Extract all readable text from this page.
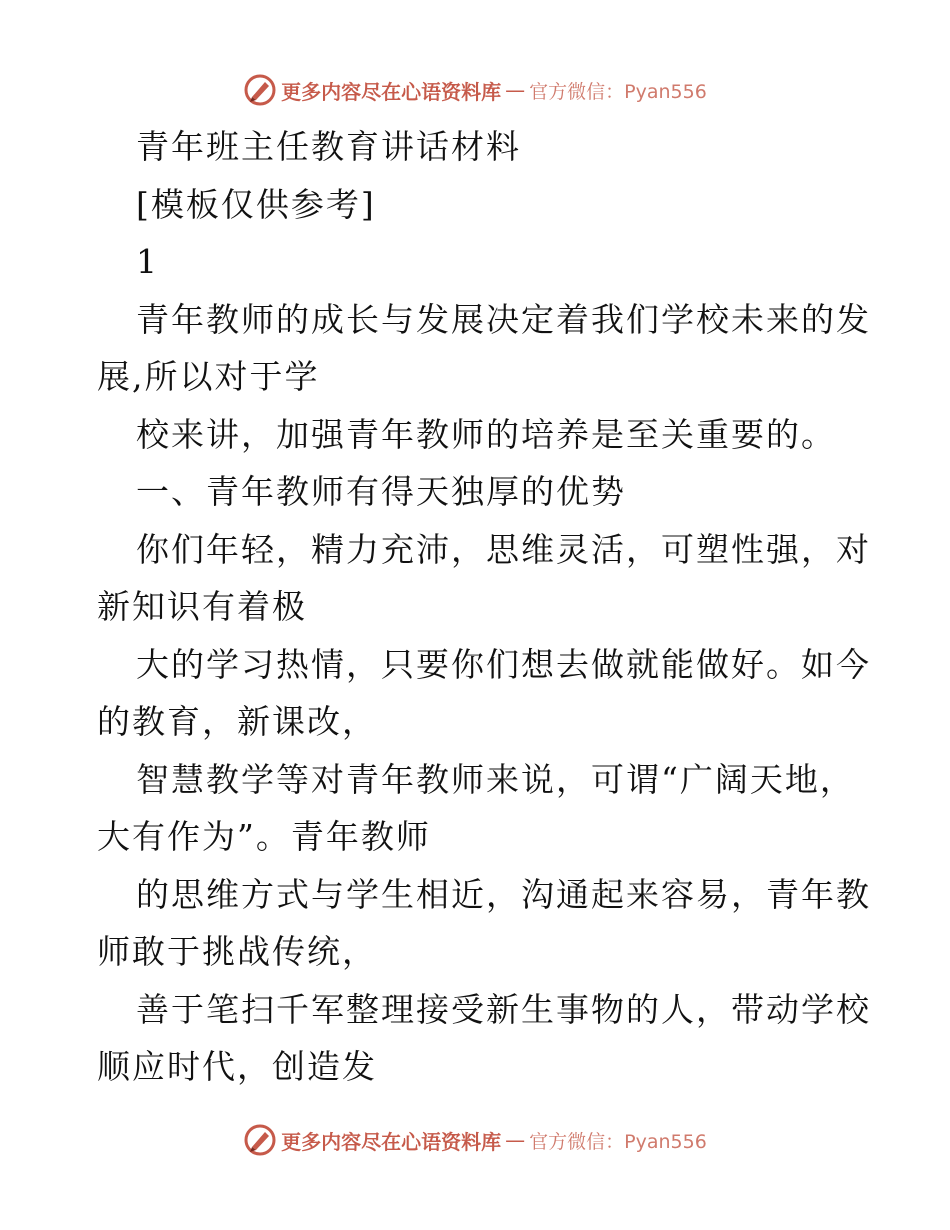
更多内容尽在心语资料库 — 官方微信：Pyan556
青年班主任教育讲话材料
[模板仅供参考]
1
青年教师的成长与发展决定着我们学校未来的发
展,所以对于学
校来讲，加强青年教师的培养是至关重要的。
一、青年教师有得天独厚的优势
你们年轻，精力充沛，思维灵活，可塑性强，对
新知识有着极
大的学习热情，只要你们想去做就能做好。如今
的教育，新课改，
智慧教学等对青年教师来说，可谓“广阔天地，
大有作为”。青年教师
的思维方式与学生相近，沟通起来容易，青年教
师敢于挑战传统，
善于笔扫千军整理接受新生事物的人，带动学校
顺应时代，创造发
更多内容尽在心语资料库 — 官方微信：Pyan556
